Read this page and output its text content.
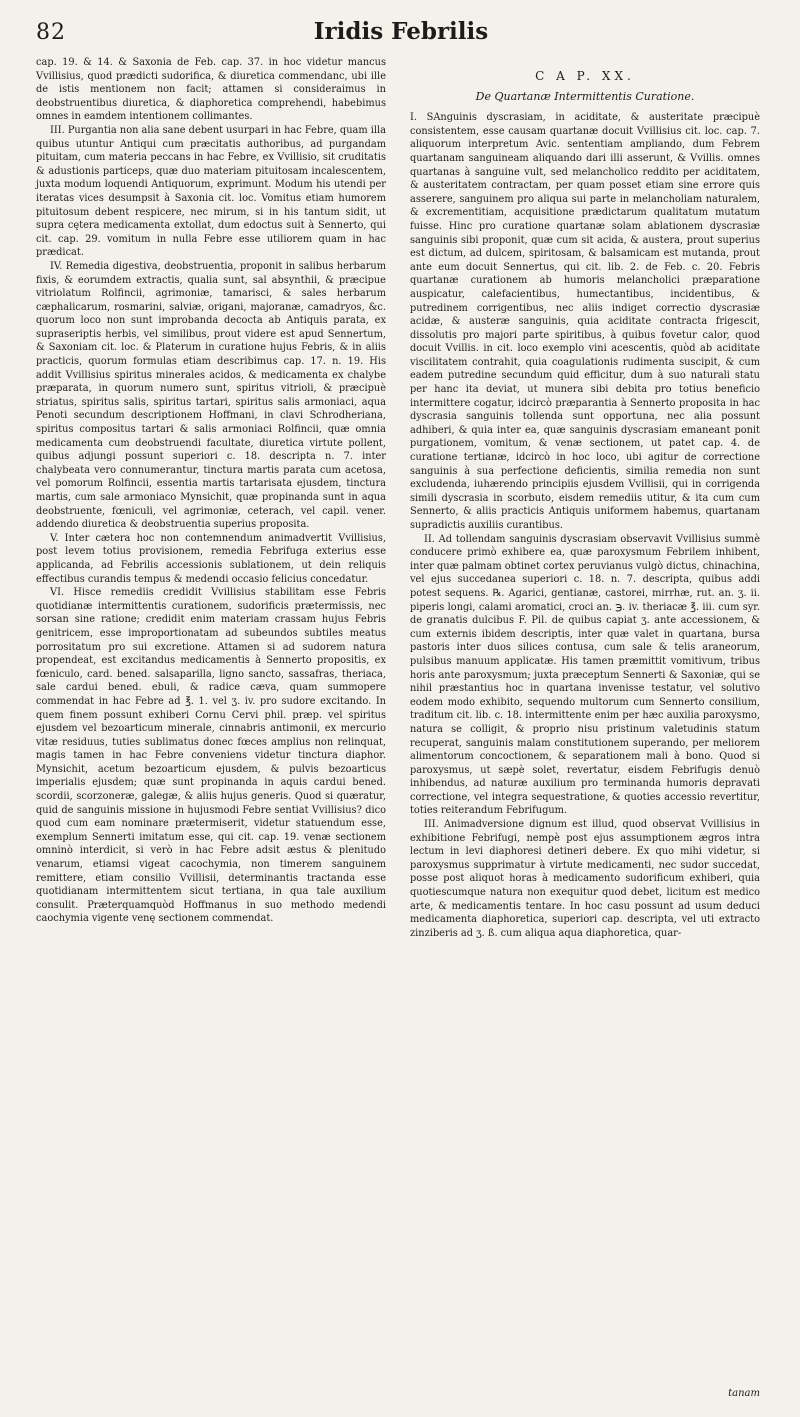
82	Iridis Febrilis

cap. 19. & 14. & Saxonia de Feb. cap. 37. in hoc videtur mancus Vvillisius, quod prædicti sudorifica, & diuretica commendanc, ubi ille de istis mentionem non facit; attamen si consideraimus in deobstruentibus diuretica, & diaphoretica comprehendi, habebimus omnes in eamdem intentionem collimantes.

III. Purgantia non alia sane debent usurpari in hac Febre, quam illa quibus utuntur Antiqui cum præcitatis authoribus, ad purgandam pituitam, cum materia peccans in hac Febre, ex Vvillisio, sit cruditatis & adustionis particeps, quæ duo materiam pituitosam incalescentem, juxta modum loquendi Antiquorum, exprimunt. Modum his utendi per iteratas vices desumpsit à Saxonia cit. loc. Vomitus etiam humorem pituitosum debent respicere, nec mirum, si in his tantum sidit, ut supra cętera medicamenta extollat, dum edoctus suit à Sennerto, qui cit. cap. 29. vomitum in nulla Febre esse utiliorem quam in hac prædicat.

IV. Remedia digestiva, deobstruentia, proponit in salibus herbarum fixis, & eorumdem extractis, qualia sunt, sal absynthii, & præcipue vitriolatum Rolfincii, agrimoniæ, tamarisci, & sales herbarum cæphalicarum, rosmarini, salviæ, origani, majoranæ, camadryos, &c. quorum loco non sunt improbanda decocta ab Antiquis parata, ex supraseriptis herbis, vel similibus, prout videre est apud Sennertum, & Saxoniam cit. loc. & Platerum in curatione hujus Febris, & in aliis practicis, quorum formulas etiam describimus cap. 17. n. 19. His addit Vvillisius spiritus minerales acidos, & medicamenta ex chalybe præparata, in quorum numero sunt, spiritus vitrioli, & præcipuè striatus, spiritus salis, spiritus tartari, spiritus salis armoniaci, aqua Penoti secundum descriptionem Hoffmani, in clavi Schrodheriana, spiritus compositus tartari & salis armoniaci Rolfincii, quæ omnia medicamenta cum deobstruendi facultate, diuretica virtute pollent, quibus adjungi possunt superiori c. 18. descripta n. 7. inter chalybeata vero connumerantur, tinctura martis parata cum acetosa, vel pomorum Rolfincii, essentia martis tartarisata ejusdem, tinctura martis, cum sale armoniaco Mynsichit, quæ propinanda sunt in aqua deobstruente, fœniculi, vel agrimoniæ, ceterach, vel capil. vener. addendo diuretica & deobstruentia superius proposita.

V. Inter cætera hoc non contemnendum animadvertit Vvillisius, post levem totius provisionem, remedia Febrifuga exterius esse applicanda, ad Febrilis accessionis sublationem, ut dein reliquis effectibus curandis tempus & medendi occasio felicius concedatur.

VI. Hisce remediis credidit Vvillisius stabilitam esse Febris quotidianæ intermittentis curationem, sudorificis prætermissis, nec sorsan sine ratione; credidit enim materiam crassam hujus Febris genitricem, esse improportionatam ad subeundos subtiles meatus porrositatum pro sui excretione. Attamen si ad sudorem natura propendeat, est excitandus medicamentis à Sennerto propositis, ex fœniculo, card. bened. salsaparilla, ligno sancto, sassafras, theriaca, sale cardui bened. ebuli, & radice cæva, quam summopere commendat in hac Febre ad ℥. 1. vel ʒ. iv. pro sudore excitando. In quem finem possunt exhiberi Cornu Cervi phil. præp. vel spiritus ejusdem vel bezoarticum minerale, cinnabris antimonii, ex mercurio vitæ residuus, tuties sublimatus donec fœces amplius non relinquat, magis tamen in hac Febre conveniens videtur tinctura diaphor. Mynsichit, acetum bezoarticum ejusdem, & pulvis bezoarticus imperialis ejusdem; quæ sunt propinanda in aquis cardui bened. scordii, scorzoneræ, galegæ, & aliis hujus generis. Quod si quæratur, quid de sanguinis missione in hujusmodi Febre sentiat Vvillisius? dico quod cum eam nominare prætermiserit, videtur statuendum esse, exemplum Sennerti imitatum esse, qui cit. cap. 19. venæ sectionem omninò interdicit, si verò in hac Febre adsit æstus & plenitudo venarum, etiamsi vigeat cacochymia, non timerem sanguinem remittere, etiam consilio Vvillisii, determinantis tractanda esse quotidianam intermittentem sicut tertiana, in qua tale auxilium consulit. Præterquamquòd Hoffmanus in suo methodo medendi caochymia vigente venę sectionem commendat.

C A P. XX.
De Quartanæ Intermittentis Curatione.

I. SAnguinis dyscrasiam, in aciditate, & austeritate præcipuè consistentem, esse causam quartanæ docuit Vvillisius cit. loc. cap. 7. aliquorum interpretum Avic. sententiam ampliando, dum Febrem quartanam sanguineam aliquando dari illi asserunt, & Vvillis. omnes quartanas à sanguine vult, sed melancholico reddito per aciditatem, & austeritatem contractam, per quam posset etiam sine errore quis asserere, sanguinem pro aliqua sui parte in melancholiam naturalem, & excrementitiam, acquisitione prædictarum qualitatum mutatum fuisse. Hinc pro curatione quartanæ solam ablationem dyscrasiæ sanguinis sibi proponit, quæ cum sit acida, & austera, prout superius est dictum, ad dulcem, spiritosam, & balsamicam est mutanda, prout ante eum docuit Sennertus, qui cit. lib. 2. de Feb. c. 20. Febris quartanæ curationem ab humoris melancholici præparatione auspicatur, calefacientibus, humectantibus, incidentibus, & putredinem corrigentibus, nec aliis indiget correctio dyscrasiæ acidæ, & austeræ sanguinis, quia aciditate contracta frigescit, dissolutis pro majori parte spiritibus, à quibus fovetur calor, quod docuit Vvillis. in cit. loco exemplo vini acescentis, quòd ab aciditate viscilitatem contrahit, quia coagulationis rudimenta suscipit, & cum eadem putredine secundum quid efficitur, dum à suo naturali statu per hanc ita deviat, ut munera sibi debita pro totius beneficio intermittere cogatur, idcircò præparantia à Sennerto proposita in hac dyscrasia sanguinis tollenda sunt opportuna, nec alia possunt adhiberi, & quia inter ea, quæ sanguinis dyscrasiam emaneant ponit purgationem, vomitum, & venæ sectionem, ut patet cap. 4. de curatione tertianæ, idcircò in hoc loco, ubi agitur de correctione sanguinis à sua perfectione deficientis, similia remedia non sunt excludenda, iuhærendo principiis ejusdem Vvillisii, qui in corrigenda simili dyscrasia in scorbuto, eisdem remediis utitur, & ita cum cum Sennerto, & aliis practicis Antiquis uniformem habemus, quartanam supradictis auxiliis curantibus.

II. Ad tollendam sanguinis dyscrasiam observavit Vvillisius summè conducere primò exhibere ea, quæ paroxysmum Febrilem inhibent, inter quæ palmam obtinet cortex peruvianus vulgò dictus, chinachina, vel ejus succedanea superiori c. 18. n. 7. descripta, quibus addi potest sequens. ℞. Agarici, gentianæ, castorei, mirrhæ, rut. an. ʒ. ii. piperis longi, calami aromatici, croci an. ℈. iv. theriacæ ℥. iii. cum syr. de granatis dulcibus F. Pil. de quibus capiat ʒ. ante accessionem, & cum externis ibidem descriptis, inter quæ valet in quartana, bursa pastoris inter duos silices contusa, cum sale & telis araneorum, pulsibus manuum applicatæ. His tamen præmittit vomitivum, tribus horis ante paroxysmum; juxta præceptum Sennerti & Saxoniæ, qui se nihil præstantius hoc in quartana invenisse testatur, vel solutivo eodem modo exhibito, sequendo multorum cum Sennerto consilium, traditum cit. lib. c. 18. intermittente enim per hæc auxilia paroxysmo, natura se colligit, & proprio nisu pristinum valetudinis statum recuperat, sanguinis malam constitutionem superando, per meliorem alimentorum concoctionem, & separationem mali à bono. Quod si paroxysmus, ut sæpè solet, revertatur, eisdem Febrifugis denuò inhibendus, ad naturæ auxilium pro terminanda humoris depravati correctione, vel integra sequestratione, & quoties accessio revertitur, toties reiterandum Febrifugum.

III. Animadversione dignum est illud, quod observat Vvillisius in exhibitione Febrifugi, nempè post ejus assumptionem ægros intra lectum in levi diaphoresi detineri debere. Ex quo mihi videtur, si paroxysmus supprimatur à virtute medicamenti, nec sudor succedat, posse post aliquot horas à medicamento sudorificum exhiberi, quia quotiescumque natura non exequitur quod debet, licitum est medico arte, & medicamentis tentare. In hoc casu possunt ad usum deduci medicamenta diaphoretica, superiori cap. descripta, vel uti extracto zinziberis ad ʒ. ß. cum aliqua aqua diaphoretica, quar-

tanam
